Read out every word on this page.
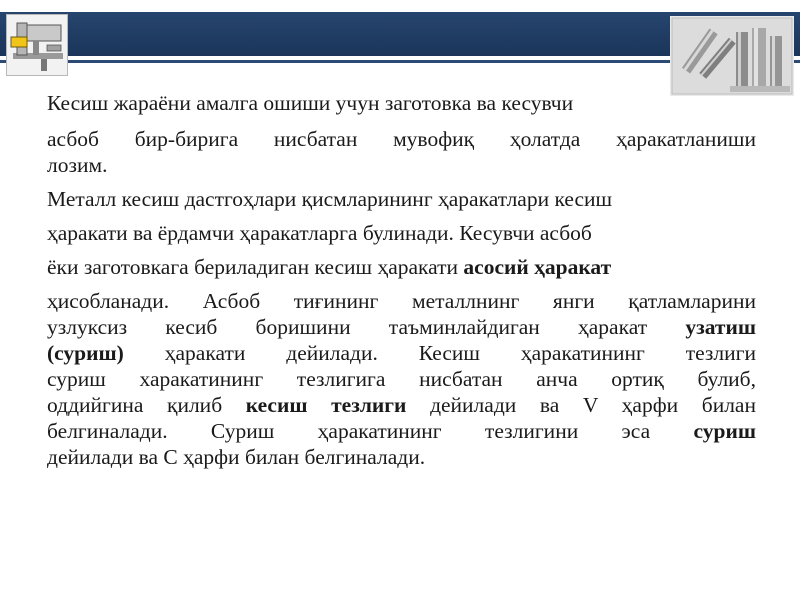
Кесиш жараёни амалга ошиши учун заготовка ва кесувчи
асбоб бир-бирига нисбатан мувофиқ ҳолатда ҳаракатланиши
лозим.
Металл кесиш дастгоҳлари қисмларининг ҳаракатлари кесиш
ҳаракати ва ёрдамчи ҳаракатларга булинади. Кесувчи асбоб
ёки заготовкага бериладиган кесиш ҳаракати асосий ҳаракат
ҳисобланади. Асбоб тиғининг металлнинг янги қатламларини
узлуксиз кесиб боришини таъминлайдиган ҳаракат узатиш
(суриш) ҳаракати дейилади. Кесиш ҳаракатининг тезлиги
суриш харакатининг тезлигига нисбатан анча ортиқ булиб,
оддийгина қилиб кесиш тезлиги дейилади ва V ҳарфи билан
белгиналади. Суриш ҳаракатининг тезлигини эса суриш
дейилади ва С ҳарфи билан белгиналади.
